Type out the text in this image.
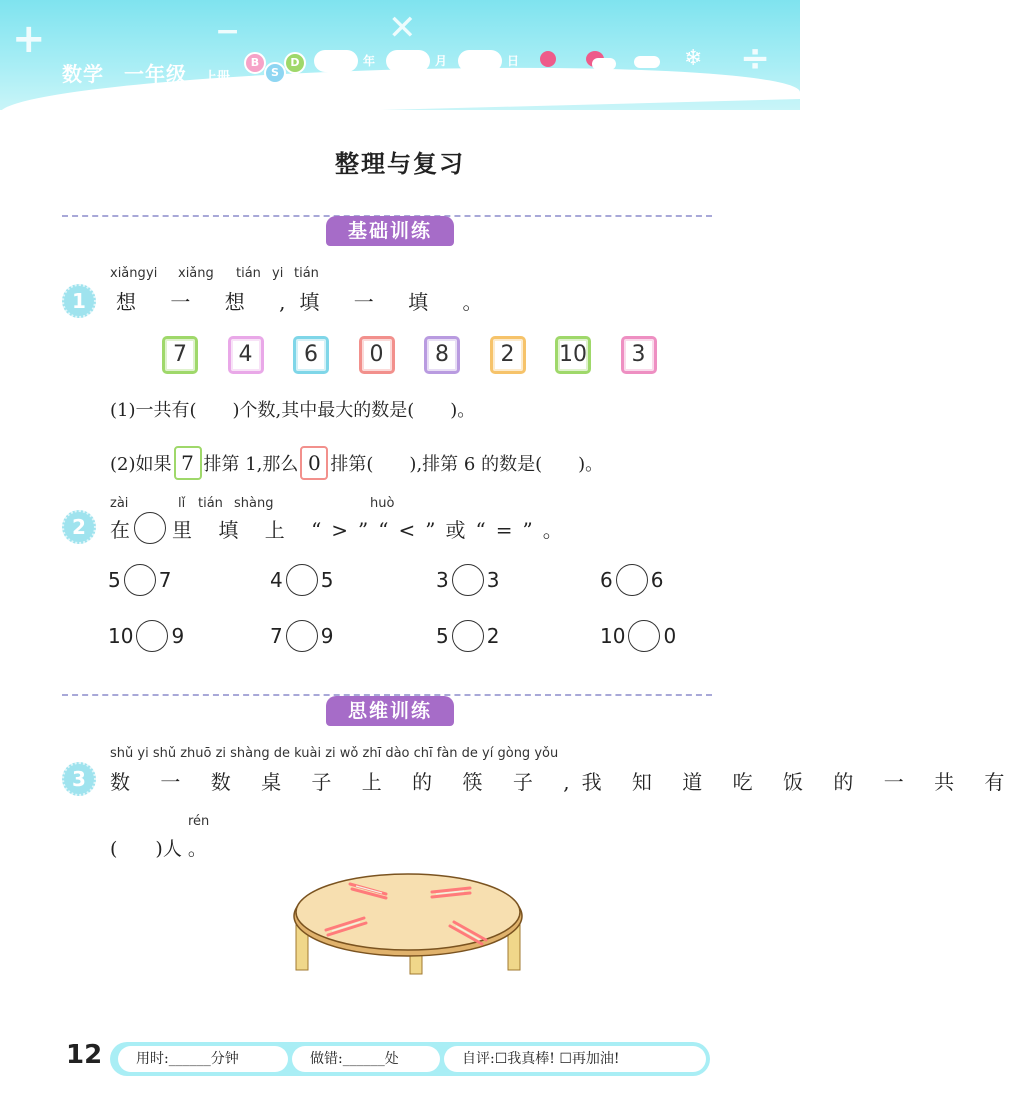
+	−	✕
÷
数学 一年级 上册
B
S
D	年	月	日	❄
整理与复习
基础训练
1
xiǎng yi xiǎng tián yi tián
想 一 想 ,填 一 填 。
7	4	6	0	8	2	10	3
(1)一共有(　　)个数,其中最大的数是(　　)。
(2)如果 7 排第 1,那么 0 排第(　　),排第 6 的数是(　　)。
2
zài	lǐ tián shàng	huò
在 里 填 上 “>”“<”或“=”。
5 7	4 5	3 3	6 6
10 9	7 9	5 2	10 0
思维训练
3
shǔ yi shǔ zhuō zi shàng de kuài zi wǒ zhī dào chī fàn de yí gòng yǒu
数 一 数 桌 子 上 的 筷 子 ,我 知 道 吃 饭 的 一 共 有
rén
(　　)人 。
12	用时:______分钟	做错:______处	自评:☐我真棒! ☐再加油!
